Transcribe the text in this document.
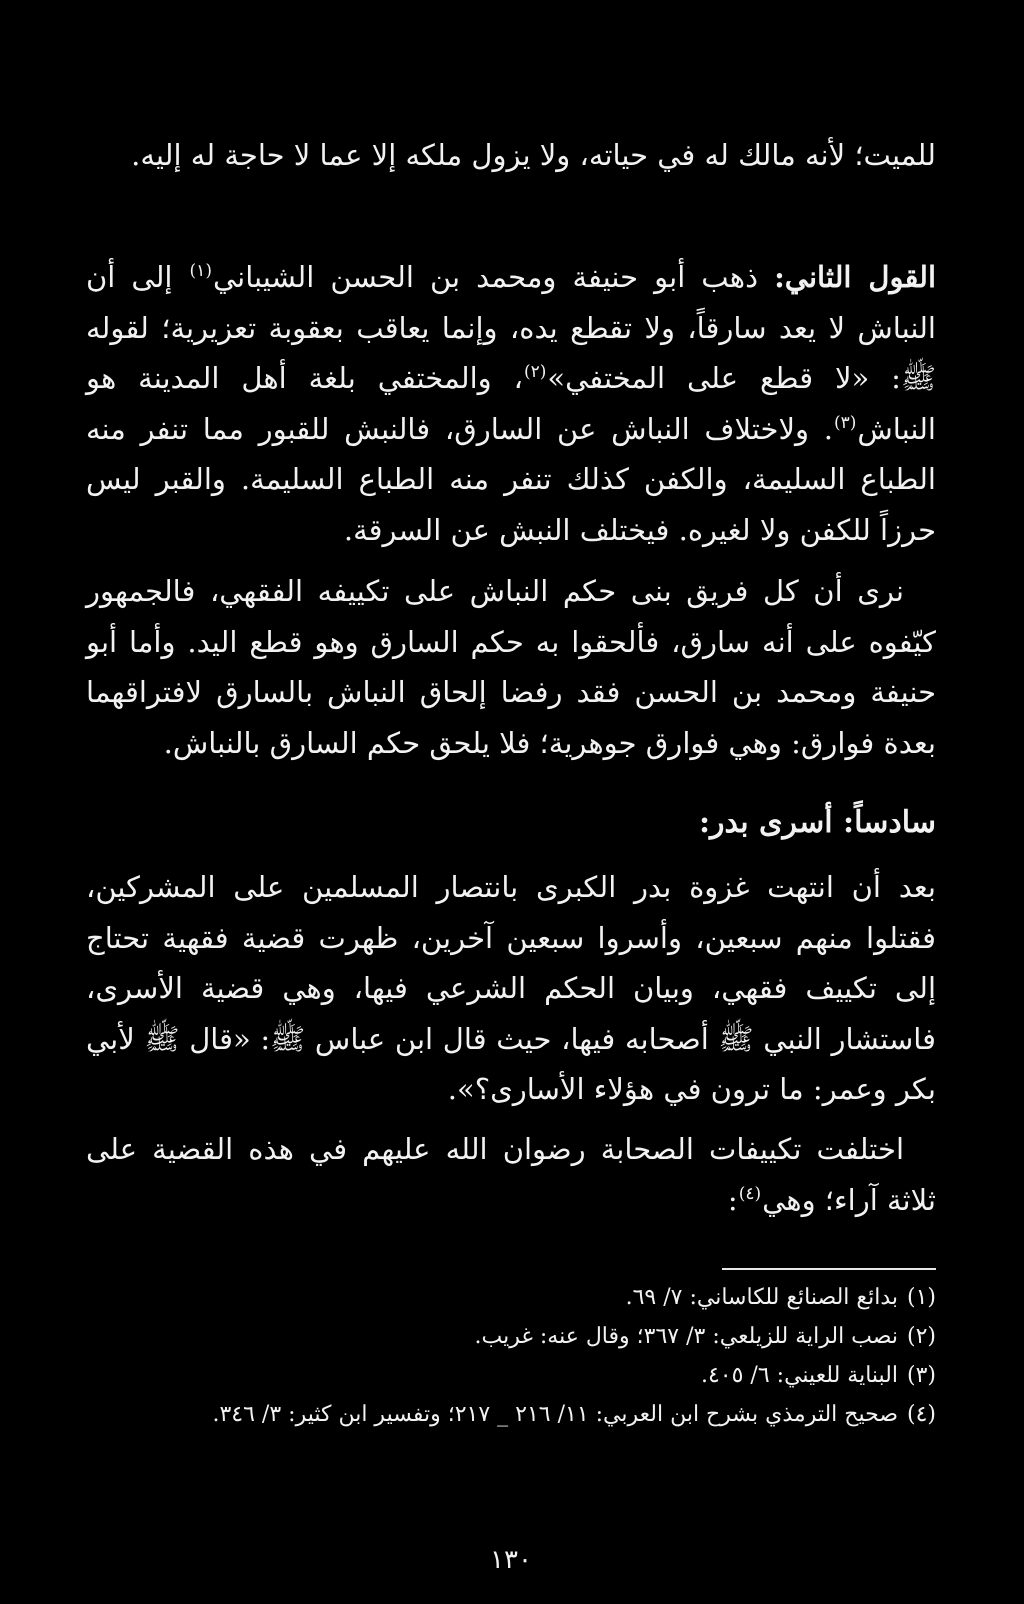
للميت؛ لأنه مالك له في حياته، ولا يزول ملكه إلا عما لا حاجة له إليه.

القول الثاني: ذهب أبو حنيفة ومحمد بن الحسن الشيباني$^{(١)}$ إلى أن النباش لا يعد سارقاً، ولا تقطع يده، وإنما يعاقب بعقوبة تعزيرية؛ لقوله ﷺ: «لا قطع على المختفي»$^{(٢)}$، والمختفي بلغة أهل المدينة هو النباش$^{(٣)}$. ولاختلاف النباش عن السارق، فالنبش للقبور مما تنفر منه الطباع السليمة، والكفن كذلك تنفر منه الطباع السليمة. والقبر ليس حرزاً للكفن ولا لغيره. فيختلف النبش عن السرقة.

نرى أن كل فريق بنى حكم النباش على تكييفه الفقهي، فالجمهور كيّفوه على أنه سارق، فألحقوا به حكم السارق وهو قطع اليد. وأما أبو حنيفة ومحمد بن الحسن فقد رفضا إلحاق النباش بالسارق لافتراقهما بعدة فوارق: وهي فوارق جوهرية؛ فلا يلحق حكم السارق بالنباش.

سادساً: أسرى بدر:

بعد أن انتهت غزوة بدر الكبرى بانتصار المسلمين على المشركين، فقتلوا منهم سبعين، وأسروا سبعين آخرين، ظهرت قضية فقهية تحتاج إلى تكييف فقهي، وبيان الحكم الشرعي فيها، وهي قضية الأسرى، فاستشار النبي ﷺ أصحابه فيها، حيث قال ابن عباس ﷺ: «قال ﷺ لأبي بكر وعمر: ما ترون في هؤلاء الأسارى؟».

اختلفت تكييفات الصحابة رضوان الله عليهم في هذه القضية على ثلاثة آراء؛ وهي$^{(٤)}$:

(١)بدائع الصنائع للكاساني: ٧/ ٦٩.
(٢)نصب الراية للزيلعي: ٣/ ٣٦٧؛ وقال عنه: غريب.
(٣)البناية للعيني: ٦/ ٤٠٥.
(٤)صحيح الترمذي بشرح ابن العربي: ١١/ ٢١٦ _ ٢١٧؛ وتفسير ابن كثير: ٣/ ٣٤٦.
١٣٠
